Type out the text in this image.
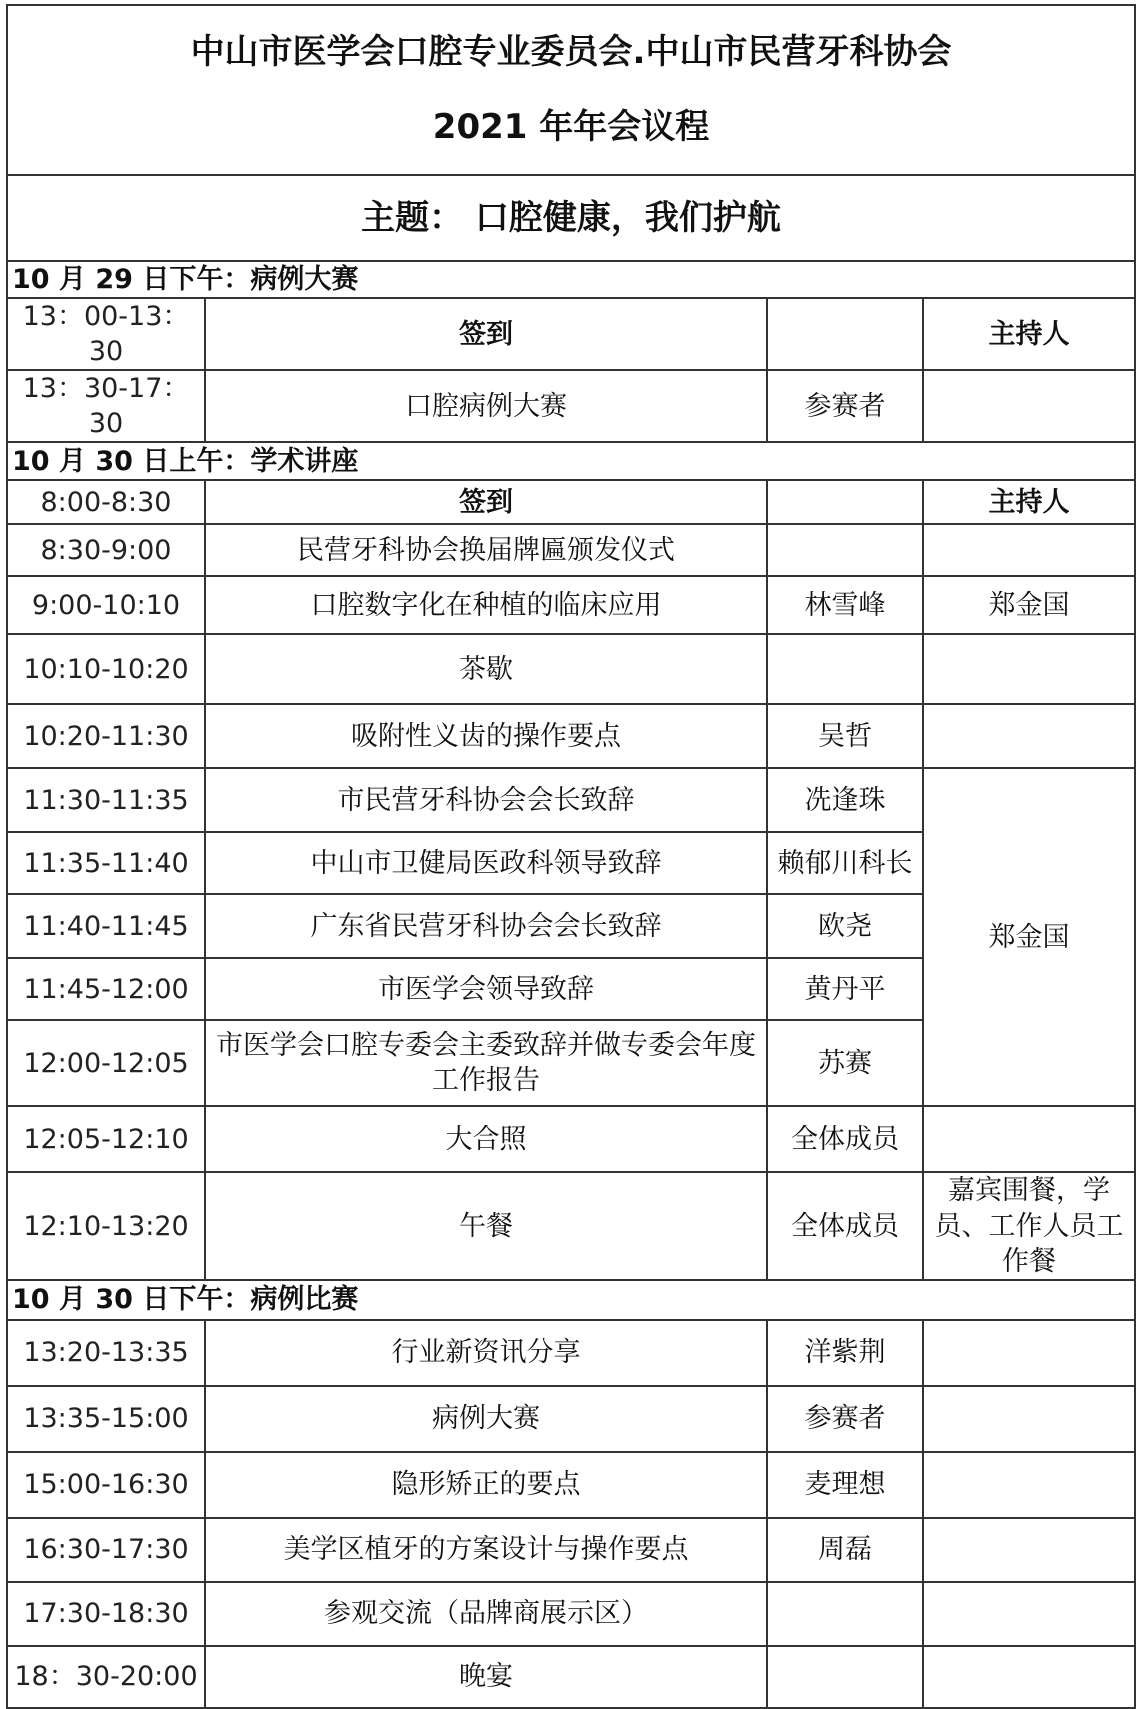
中山市医学会口腔专业委员会.中山市民营牙科协会
2021 年年会议程			

主题： 口腔健康，我们护航			
10 月 29 日下午：病例大赛			
13：00-13：30	签到		主持人
13：30-17：30	口腔病例大赛	参赛者	
10 月 30 日上午：学术讲座			
8:00-8:30	签到		主持人
8:30-9:00	民营牙科协会换届牌匾颁发仪式		
9:00-10:10	口腔数字化在种植的临床应用	林雪峰	郑金国
10:10-10:20	茶歇		
10:20-11:30	吸附性义齿的操作要点	吴哲	
11:30-11:35	市民营牙科协会会长致辞	冼逢珠	郑金国
11:35-11:40	中山市卫健局医政科领导致辞	赖郁川科长	
11:40-11:45	广东省民营牙科协会会长致辞	欧尧	
11:45-12:00	市医学会领导致辞	黄丹平	
12:00-12:05	市医学会口腔专委会主委致辞并做专委会年度工作报告	苏赛	
12:05-12:10	大合照	全体成员	
12:10-13:20	午餐	全体成员	嘉宾围餐，学员、工作人员工作餐
10 月 30 日下午：病例比赛			
13:20-13:35	行业新资讯分享	洋紫荆	
13:35-15:00	病例大赛	参赛者	
15:00-16:30	隐形矫正的要点	麦理想	
16:30-17:30	美学区植牙的方案设计与操作要点	周磊	
17:30-18:30	参观交流（品牌商展示区）		
18：30-20:00	晚宴		
